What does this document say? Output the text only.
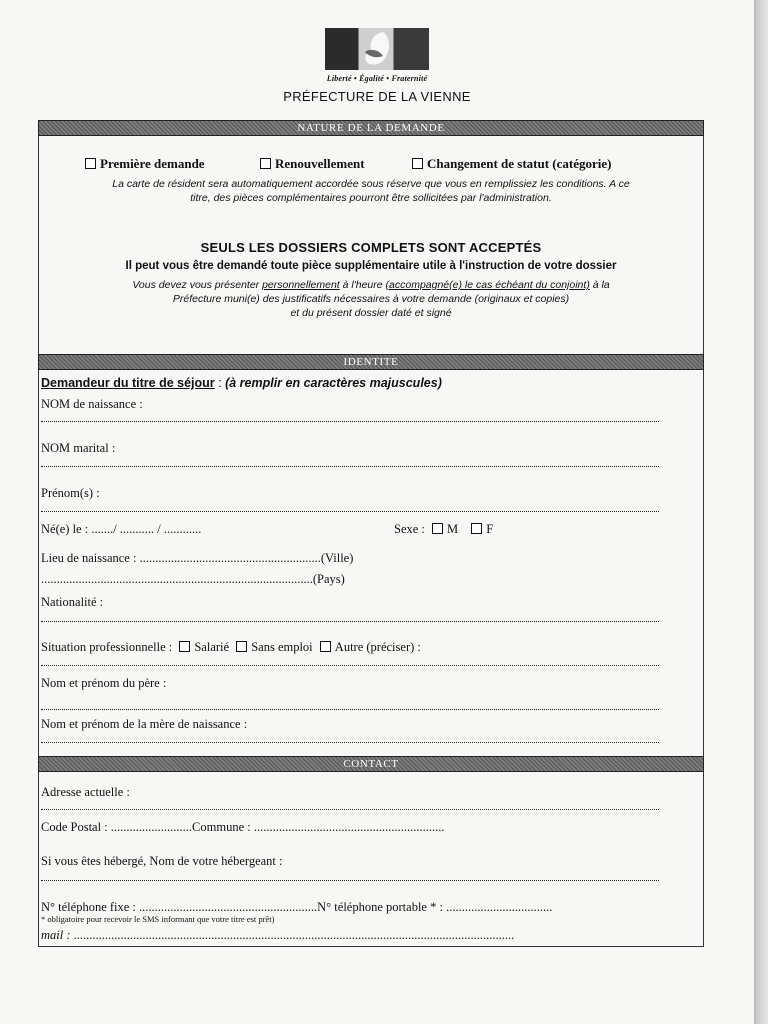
Liberté • Égalité • Fraternité
PRÉFECTURE DE LA VIENNE
NATURE DE LA DEMANDE
Première demande	Renouvellement	Changement de statut (catégorie)
La carte de résident sera automatiquement accordée sous réserve que vous en remplissiez les conditions. A ce
titre, des pièces complémentaires pourront être sollicitées par l'administration.
SEULS LES DOSSIERS COMPLETS SONT ACCEPTÉS
Il peut vous être demandé toute pièce supplémentaire utile à l'instruction de votre dossier
Vous devez vous présenter personnellement à l'heure (accompagné(e) le cas échéant du conjoint) à la
Préfecture muni(e) des justificatifs nécessaires à votre demande (originaux et copies)
et du présent dossier daté et signé
IDENTITE
Demandeur du titre de séjour : (à remplir en caractères majuscules)
NOM de naissance :
NOM marital :
Prénom(s) :
Né(e) le : ......./ ........... / ............	Sexe : M F
Lieu de naissance : ..........................................................(Ville)
.......................................................................................(Pays)
Nationalité :
Situation professionnelle : Salarié Sans emploi Autre (préciser) :
Nom et prénom du père :
Nom et prénom de la mère de naissance :
CONTACT
Adresse actuelle :
Code Postal : ..........................Commune : .............................................................
Si vous êtes hébergé, Nom de votre hébergeant :
N° téléphone fixe : .........................................................N° téléphone portable * : ..................................
* obligatoire pour recevoir le SMS informant que votre titre est prêt)
mail : .............................................................................................................................................
